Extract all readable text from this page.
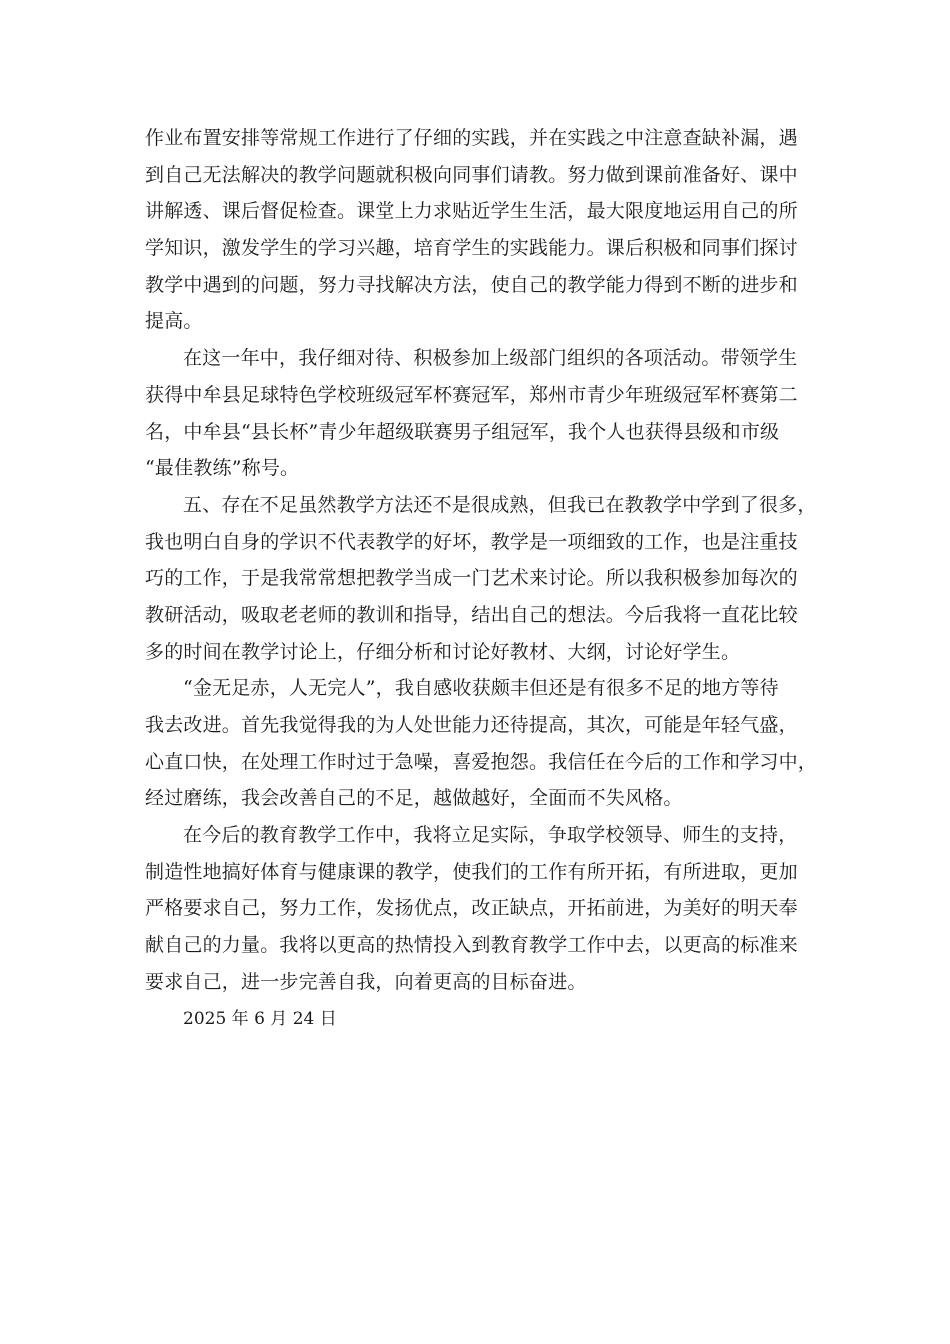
作业布置安排等常规工作进行了仔细的实践，并在实践之中注意查缺补漏，遇
到自己无法解决的教学问题就积极向同事们请教。努力做到课前准备好、课中
讲解透、课后督促检查。课堂上力求贴近学生生活，最大限度地运用自己的所
学知识，激发学生的学习兴趣，培育学生的实践能力。课后积极和同事们探讨
教学中遇到的问题，努力寻找解决方法，使自己的教学能力得到不断的进步和
提高。
在这一年中，我仔细对待、积极参加上级部门组织的各项活动。带领学生
获得中牟县足球特色学校班级冠军杯赛冠军，郑州市青少年班级冠军杯赛第二
名，中牟县“县长杯”青少年超级联赛男子组冠军，我个人也获得县级和市级
“最佳教练”称号。
五、存在不足虽然教学方法还不是很成熟，但我已在教教学中学到了很多，
我也明白自身的学识不代表教学的好坏，教学是一项细致的工作，也是注重技
巧的工作，于是我常常想把教学当成一门艺术来讨论。所以我积极参加每次的
教研活动，吸取老老师的教训和指导，结出自己的想法。今后我将一直花比较
多的时间在教学讨论上，仔细分析和讨论好教材、大纲，讨论好学生。
“金无足赤，人无完人”，我自感收获颇丰但还是有很多不足的地方等待
我去改进。首先我觉得我的为人处世能力还待提高，其次，可能是年轻气盛，
心直口快，在处理工作时过于急噪，喜爱抱怨。我信任在今后的工作和学习中，
经过磨练，我会改善自己的不足，越做越好，全面而不失风格。
在今后的教育教学工作中，我将立足实际，争取学校领导、师生的支持，
制造性地搞好体育与健康课的教学，使我们的工作有所开拓，有所进取，更加
严格要求自己，努力工作，发扬优点，改正缺点，开拓前进，为美好的明天奉
献自己的力量。我将以更高的热情投入到教育教学工作中去，以更高的标准来
要求自己，进一步完善自我，向着更高的目标奋进。
2025 年 6 月 24 日
